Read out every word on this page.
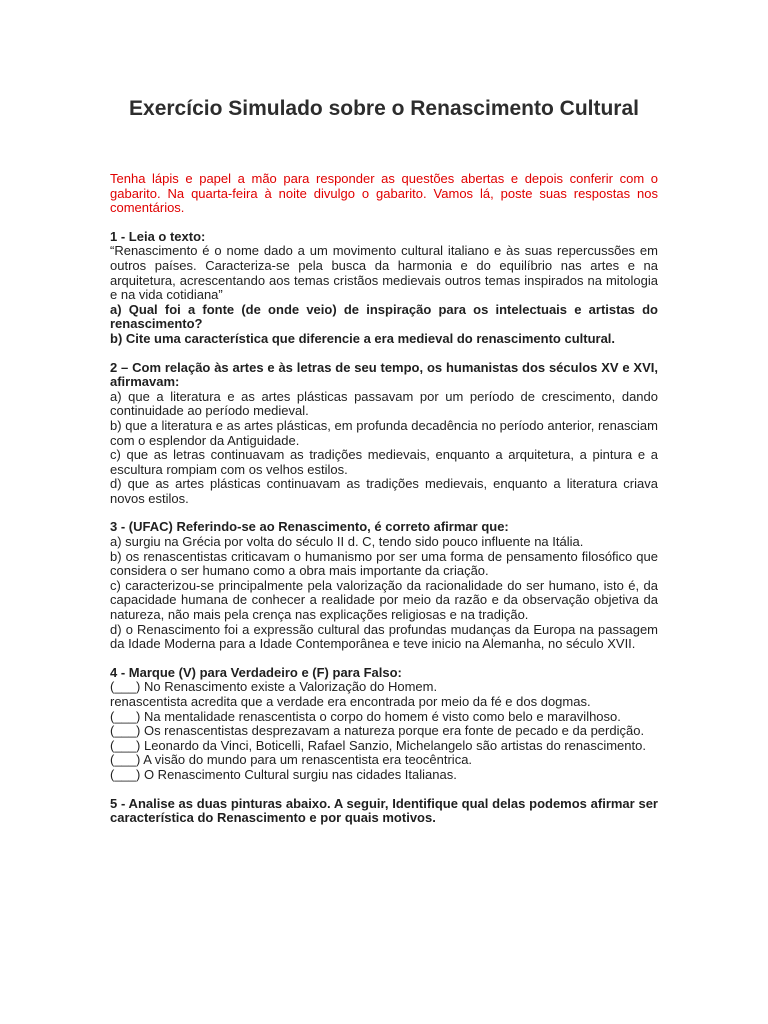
Exercício Simulado sobre o Renascimento Cultural

Tenha lápis e papel a mão para responder as questões abertas e depois conferir com o gabarito. Na quarta-feira à noite divulgo o gabarito. Vamos lá, poste suas respostas nos comentários.

1 - Leia o texto:
“Renascimento é o nome dado a um movimento cultural italiano e às suas repercussões em outros países. Caracteriza-se pela busca da harmonia e do equilíbrio nas artes e na arquitetura, acrescentando aos temas cristãos medievais outros temas inspirados na mitologia e na vida cotidiana”
a) Qual foi a fonte (de onde veio) de inspiração para os intelectuais e artistas do renascimento?
b) Cite uma característica que diferencie a era medieval do renascimento cultural.
2 – Com relação às artes e às letras de seu tempo, os humanistas dos séculos XV e XVI, afirmavam:
a) que a literatura e as artes plásticas passavam por um período de crescimento, dando continuidade ao período medieval.
b) que a literatura e as artes plásticas, em profunda decadência no período anterior, renasciam com o esplendor da Antiguidade.
c) que as letras continuavam as tradições medievais, enquanto a arquitetura, a pintura e a escultura rompiam com os velhos estilos.
d) que as artes plásticas continuavam as tradições medievais, enquanto a literatura criava novos estilos.
3 - (UFAC) Referindo-se ao Renascimento, é correto afirmar que:
a) surgiu na Grécia por volta do século II d. C, tendo sido pouco influente na Itália.
b) os renascentistas criticavam o humanismo por ser uma forma de pensamento filosófico que considera o ser humano como a obra mais importante da criação.
c) caracterizou-se principalmente pela valorização da racionalidade do ser humano, isto é, da capacidade humana de conhecer a realidade por meio da razão e da observação objetiva da natureza, não mais pela crença nas explicações religiosas e na tradição.
d) o Renascimento foi a expressão cultural das profundas mudanças da Europa na passagem da Idade Moderna para a Idade Contemporânea e teve inicio na Alemanha, no século XVII.
4 - Marque (V) para Verdadeiro e (F) para Falso:
(___) No Renascimento existe a Valorização do Homem.
renascentista acredita que a verdade era encontrada por meio da fé e dos dogmas.
(___) Na mentalidade renascentista o corpo do homem é visto como belo e maravilhoso.
(___) Os renascentistas desprezavam a natureza porque era fonte de pecado e da perdição.
(___) Leonardo da Vinci, Boticelli, Rafael Sanzio, Michelangelo são artistas do renascimento.
(___) A visão do mundo para um renascentista era teocêntrica.
(___) O Renascimento Cultural surgiu nas cidades Italianas.
5 - Analise as duas pinturas abaixo. A seguir, Identifique qual delas podemos afirmar ser característica do Renascimento e por quais motivos.
